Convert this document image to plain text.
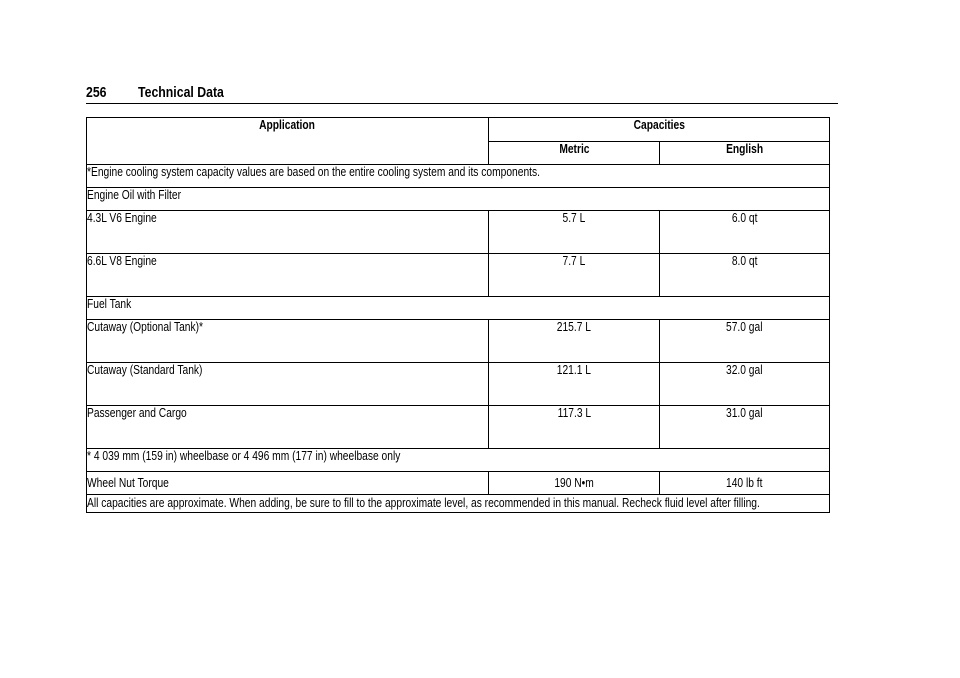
256 Technical Data
Application	Capacities	
	Metric	English
*Engine cooling system capacity values are based on the entire cooling system and its components.		
Engine Oil with Filter		
4.3L V6 Engine	5.7 L	6.0 qt
6.6L V8 Engine	7.7 L	8.0 qt
Fuel Tank		
Cutaway (Optional Tank)*	215.7 L	57.0 gal
Cutaway (Standard Tank)	121.1 L	32.0 gal
Passenger and Cargo	117.3 L	31.0 gal
* 4 039 mm (159 in) wheelbase or 4 496 mm (177 in) wheelbase only		
Wheel Nut Torque	190 N•m	140 lb ft

All capacities are approximate. When adding, be sure to fill to the approximate level, as recommended in this manual. Recheck fluid level after filling.		
